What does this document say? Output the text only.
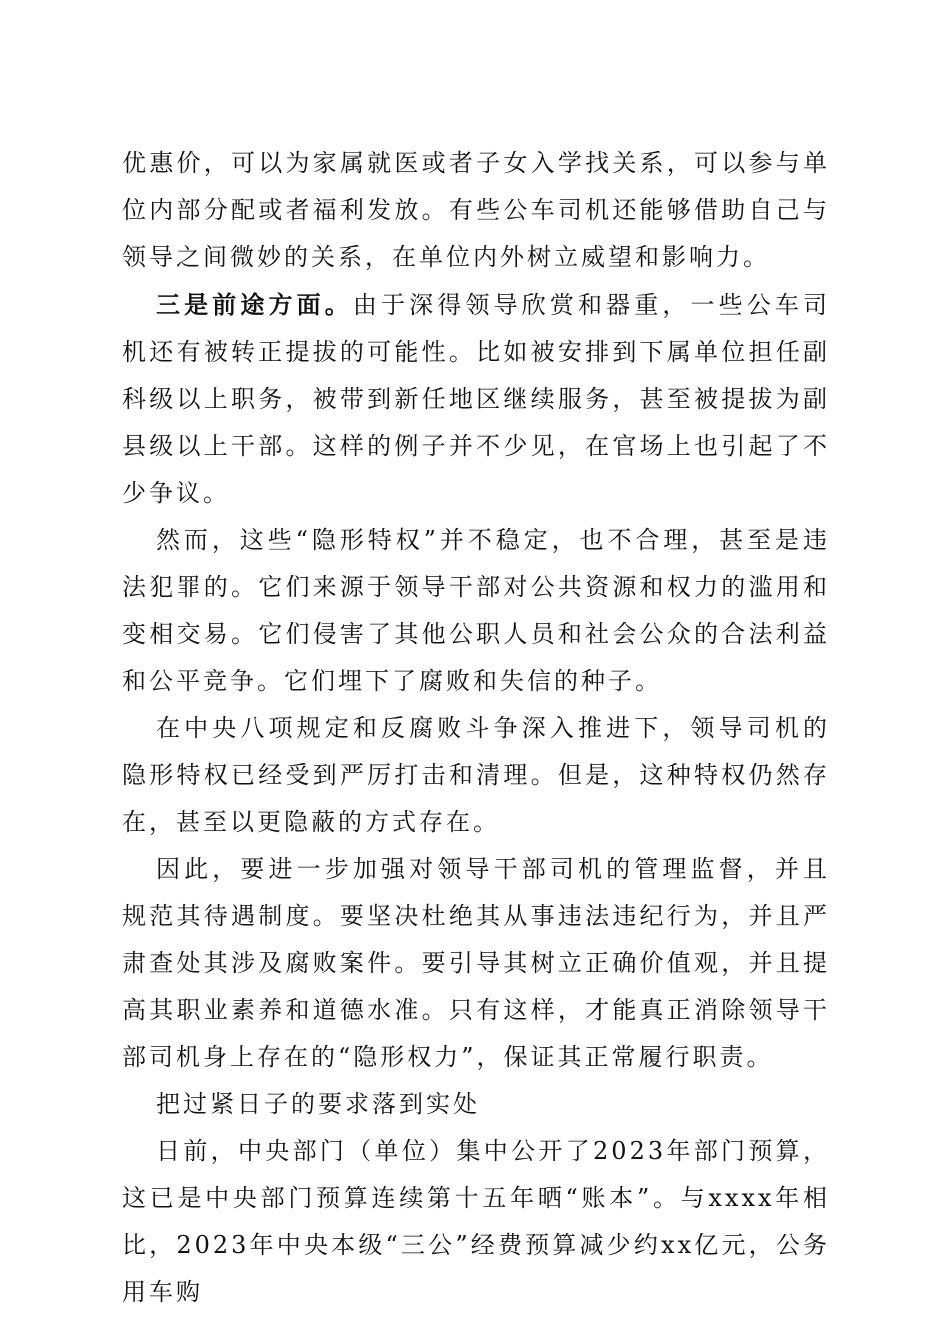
优惠价，可以为家属就医或者子女入学找关系，可以参与单位内部分配或者福利发放。有些公车司机还能够借助自己与领导之间微妙的关系，在单位内外树立威望和影响力。

三是前途方面。由于深得领导欣赏和器重，一些公车司机还有被转正提拔的可能性。比如被安排到下属单位担任副科级以上职务，被带到新任地区继续服务，甚至被提拔为副县级以上干部。这样的例子并不少见，在官场上也引起了不少争议。

然而，这些“隐形特权”并不稳定，也不合理，甚至是违法犯罪的。它们来源于领导干部对公共资源和权力的滥用和变相交易。它们侵害了其他公职人员和社会公众的合法利益和公平竞争。它们埋下了腐败和失信的种子。

在中央八项规定和反腐败斗争深入推进下，领导司机的隐形特权已经受到严厉打击和清理。但是，这种特权仍然存在，甚至以更隐蔽的方式存在。

因此，要进一步加强对领导干部司机的管理监督，并且规范其待遇制度。要坚决杜绝其从事违法违纪行为，并且严肃查处其涉及腐败案件。要引导其树立正确价值观，并且提高其职业素养和道德水准。只有这样，才能真正消除领导干部司机身上存在的“隐形权力”，保证其正常履行职责。

把过紧日子的要求落到实处

日前，中央部门（单位）集中公开了2023年部门预算，这已是中央部门预算连续第十五年晒“账本”。与xxxx年相比，2023年中央本级“三公”经费预算减少约xx亿元，公务用车购
